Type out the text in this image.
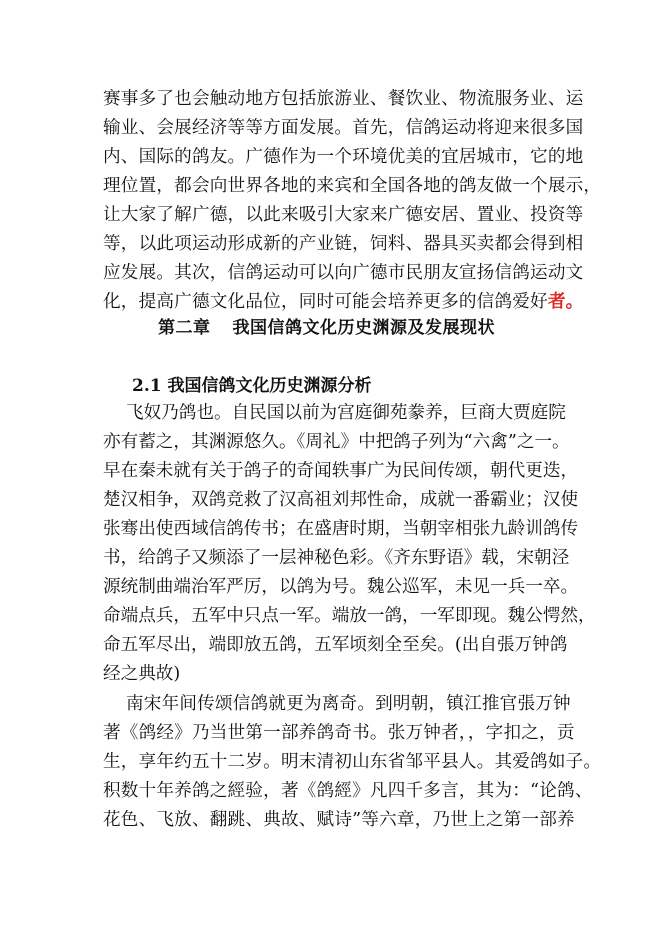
赛事多了也会触动地方包括旅游业、餐饮业、物流服务业、运
输业、会展经济等等方面发展。首先，信鸽运动将迎来很多国
内、国际的鸽友。广德作为一个环境优美的宜居城市，它的地
理位置，都会向世界各地的来宾和全国各地的鸽友做一个展示，
让大家了解广德，以此来吸引大家来广德安居、置业、投资等
等，以此项运动形成新的产业链，饲料、器具买卖都会得到相
应发展。其次，信鸽运动可以向广德市民朋友宣扬信鸽运动文
化，提高广德文化品位，同时可能会培养更多的信鸽爱好者。
第二章 我国信鸽文化历史渊源及发展现状
2.1 我国信鸽文化历史渊源分析
飞奴乃鸽也。自民国以前为宫庭御苑豢养，巨商大贾庭院
亦有蓄之，其渊源悠久。《周礼》中把鸽子列为“六禽”之一。
早在秦未就有关于鸽子的奇闻轶事广为民间传颂，朝代更迭，
楚汉相争，双鸽竞救了汉高祖刘邦性命，成就一番霸业；汉使
张骞出使西域信鸽传书；在盛唐时期，当朝宰相张九龄训鸽传
书，给鸽子又频添了一层神秘色彩。《齐东野语》载，宋朝泾
源统制曲端治军严厉，以鸽为号。魏公巡军，未见一兵一卒。
命端点兵，五军中只点一军。端放一鸽，一军即现。魏公愕然，
命五军尽出，端即放五鸽，五军顷刻全至矣。(出自張万钟鸽
经之典故)
南宋年间传颂信鸽就更为离奇。到明朝，镇江推官張万钟
著《鸽经》乃当世第一部养鸽奇书。张万钟者，，字扣之，贡
生，享年约五十二岁。明末清初山东省邹平县人。其爱鸽如子。
积数十年养鸽之經验，著《鸽經》凡四千多言，其为：“论鸽、
花色、飞放、翻跳、典故、赋诗”等六章，乃世上之第一部养
